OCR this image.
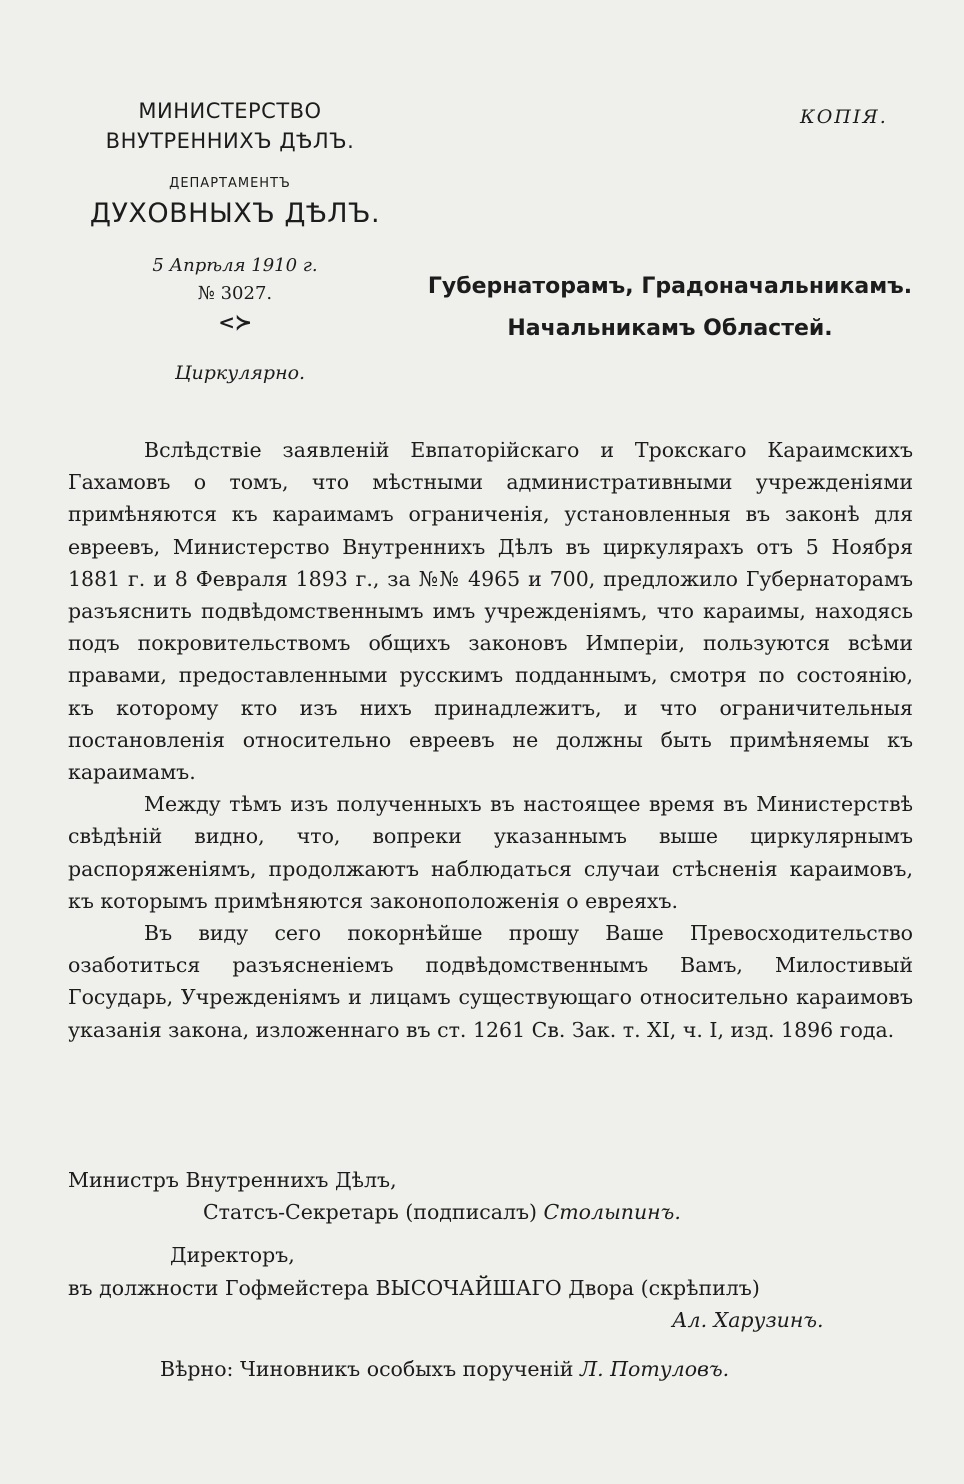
МИНИСТЕРСТВО
ВНУТРЕННИХЪ ДѢЛЪ.
ДЕПАРТАМЕНТЪ
ДУХОВНЫХЪ ДѢЛЪ.
5 Апрѣля 1910 г.
№ 3027.
<≻
Циркулярно.
КОПІЯ.
Губернаторамъ, Градоначальникамъ.
Начальникамъ Областей.

Вслѣдствіе заявленій Евпаторійскаго и Трокскаго Караимскихъ Гахамовъ о томъ, что мѣстными административными учрежденіями примѣняются къ караимамъ ограниченія, установленныя въ законѣ для евреевъ, Министерство Внутреннихъ Дѣлъ въ циркулярахъ отъ 5 Ноября 1881 г. и 8 Февраля 1893 г., за №№ 4965 и 700, предложило Губернаторамъ разъяснить подвѣдомственнымъ имъ учрежденіямъ, что караимы, находясь подъ покровительствомъ общихъ законовъ Имперіи, пользуются всѣми правами, предоставленными русскимъ подданнымъ, смотря по состоянію, къ которому кто изъ нихъ принадлежитъ, и что ограничительныя постановленія относительно евреевъ не должны быть примѣняемы къ караимамъ.

Между тѣмъ изъ полученныхъ въ настоящее время въ Министерствѣ свѣдѣній видно, что, вопреки указаннымъ выше циркулярнымъ распоряженіямъ, продолжаютъ наблюдаться случаи стѣсненія караимовъ, къ которымъ примѣняются законоположенія о евреяхъ.

Въ виду сего покорнѣйше прошу Ваше Превосходительство озаботиться разъясненіемъ подвѣдомственнымъ Вамъ, Милостивый Государь, Учрежденіямъ и лицамъ существующаго относительно караимовъ указанія закона, изложеннаго въ ст. 1261 Св. Зак. т. XI, ч. I, изд. 1896 года.

Министръ Внутреннихъ Дѣлъ,
Статсъ-Секретарь (подписалъ) Столыпинъ.
Директоръ,
въ должности Гофмейстера ВЫСОЧАЙШАГО Двора (скрѣпилъ)
Ал. Харузинъ.
Вѣрно: Чиновникъ особыхъ порученій Л. Потуловъ.
